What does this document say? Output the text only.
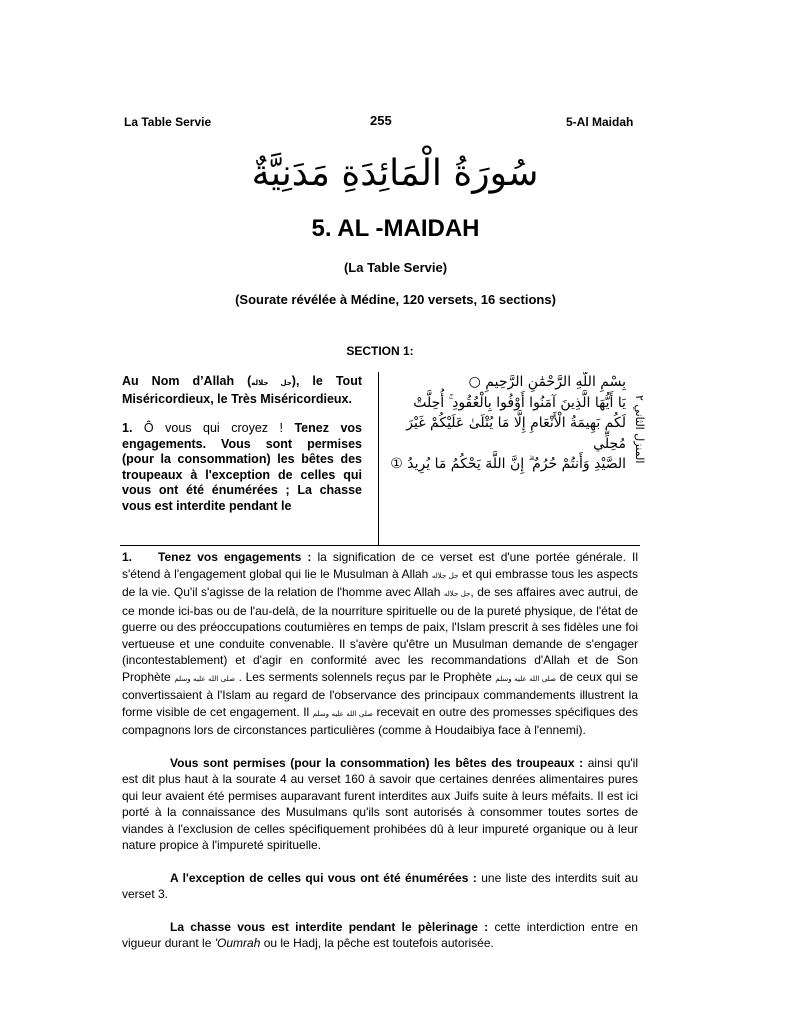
La Table Servie	255	5-Al Maidah
سُورَةُ الْمَائِدَةِ مَدَنِيَّةٌ
5. AL -MAIDAH
(La Table Servie)
(Sourate révélée à Médine, 120 versets, 16 sections)
SECTION 1:

Au Nom d’Allah (جل جلاله), le Tout Miséricordieux, le Très Miséricordieux.

1. Ô vous qui croyez ! Tenez vos engagements. Vous sont permises (pour la consommation) les bêtes des troupeaux à l'exception de celles qui vous ont été énumérées ; La chasse vous est interdite pendant le

بِسْمِ اللَّهِ الرَّحْمَٰنِ الرَّحِيمِ ○
يَا أَيُّهَا الَّذِينَ آمَنُوا أَوْفُوا بِالْعُقُودِ ۚ أُحِلَّتْ
لَكُم بَهِيمَةُ الْأَنْعَامِ إِلَّا مَا يُتْلَىٰ عَلَيْكُمْ غَيْرَ مُحِلِّي
الصَّيْدِ وَأَنتُمْ حُرُمٌ ۗ إِنَّ اللَّهَ يَحْكُمُ مَا يُرِيدُ ①
المنزل الثاني ٢

1. Tenez vos engagements : la signification de ce verset est d'une portée générale. Il s'étend à l'engagement global qui lie le Musulman à Allah جل جلاله et qui embrasse tous les aspects de la vie. Qu'il s'agisse de la relation de l'homme avec Allah جل جلاله, de ses affaires avec autrui, de ce monde ici-bas ou de l'au-delà, de la nourriture spirituelle ou de la pureté physique, de l'état de guerre ou des préoccupations coutumières en temps de paix, l'Islam prescrit à ses fidèles une foi vertueuse et une conduite convenable. Il s'avère qu'être un Musulman demande de s'engager (incontestablement) et d'agir en conformité avec les recommandations d'Allah et de Son Prophète صلى الله عليه وسلم . Les serments solennels reçus par le Prophète صلى الله عليه وسلم de ceux qui se convertissaient à l'Islam au regard de l'observance des principaux commandements illustrent la forme visible de cet engagement. Il صلى الله عليه وسلم recevait en outre des promesses spécifiques des compagnons lors de circonstances particulières (comme à Houdaibiya face à l'ennemi).

Vous sont permises (pour la consommation) les bêtes des troupeaux : ainsi qu'il est dit plus haut à la sourate 4 au verset 160 à savoir que certaines denrées alimentaires pures qui leur avaient été permises auparavant furent interdites aux Juifs suite à leurs méfaits. Il est ici porté à la connaissance des Musulmans qu'ils sont autorisés à consommer toutes sortes de viandes à l'exclusion de celles spécifiquement prohibées dû à leur impureté organique ou à leur nature propice à l'impureté spirituelle.

A l'exception de celles qui vous ont été énumérées : une liste des interdits suit au verset 3.

La chasse vous est interdite pendant le pèlerinage : cette interdiction entre en vigueur durant le 'Oumrah ou le Hadj, la pêche est toutefois autorisée.
